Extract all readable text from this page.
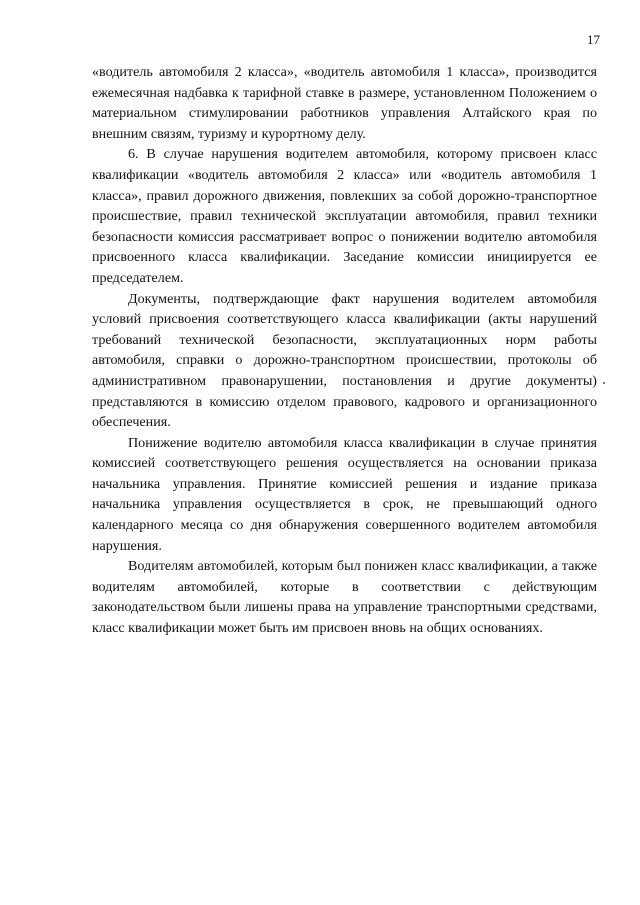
17

«водитель автомобиля 2 класса», «водитель автомобиля 1 класса», производится ежемесячная надбавка к тарифной ставке в размере, установленном Положением о материальном стимулировании работников управления Алтайского края по внешним связям, туризму и курортному делу.

6. В случае нарушения водителем автомобиля, которому присвоен класс квалификации «водитель автомобиля 2 класса» или «водитель автомобиля 1 класса», правил дорожного движения, повлекших за собой дорожно-транспортное происшествие, правил технической эксплуатации автомобиля, правил техники безопасности комиссия рассматривает вопрос о понижении водителю автомобиля присвоенного класса квалификации. Заседание комиссии инициируется ее председателем.

Документы, подтверждающие факт нарушения водителем автомобиля условий присвоения соответствующего класса квалификации (акты нарушений требований технической безопасности, эксплуатационных норм работы автомобиля, справки о дорожно-транспортном происшествии, протоколы об административном правонарушении, постановления и другие документы) представляются в комиссию отделом правового, кадрового и организационного обеспечения.

Понижение водителю автомобиля класса квалификации в случае принятия комиссией соответствующего решения осуществляется на основании приказа начальника управления. Принятие комиссией решения и издание приказа начальника управления осуществляется в срок, не превышающий одного календарного месяца со дня обнаружения совершенного водителем автомобиля нарушения.

Водителям автомобилей, которым был понижен класс квалификации, а также водителям автомобилей, которые в соответствии с действующим законодательством были лишены права на управление транспортными средствами, класс квалификации может быть им присвоен вновь на общих основаниях.
